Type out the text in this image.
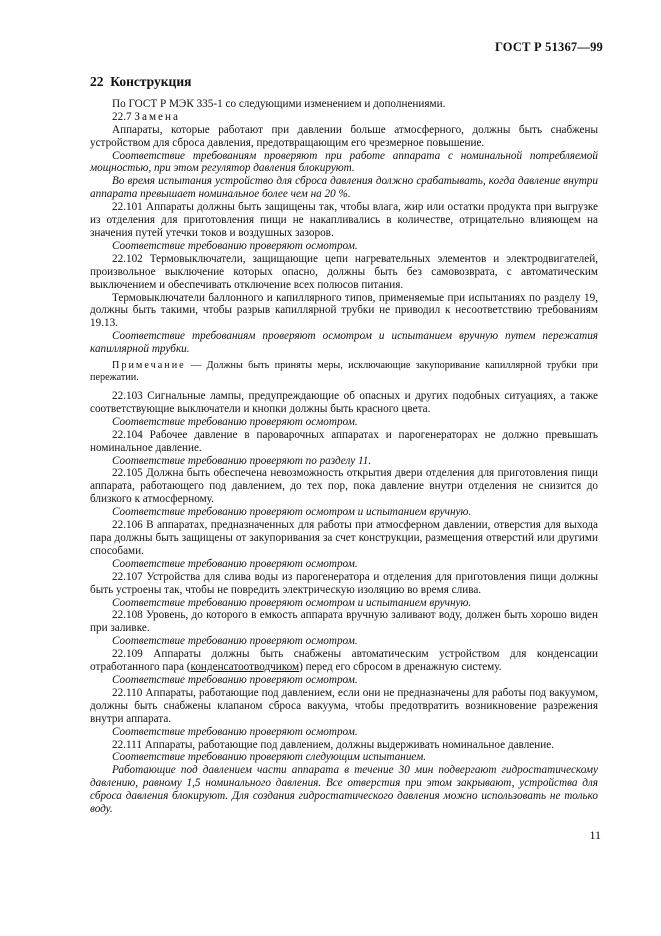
ГОСТ Р 51367—99
22 Конструкция

По ГОСТ Р МЭК 335-1 со следующими изменением и дополнениями.

22.7 Замена

Аппараты, которые работают при давлении больше атмосферного, должны быть снабжены устройством для сброса давления, предотвращающим его чрезмерное повышение.

Соответствие требованиям проверяют при работе аппарата с номинальной потребляемой мощностью, при этом регулятор давления блокируют.

Во время испытания устройство для сброса давления должно срабатывать, когда давление внутри аппарата превышает номинальное более чем на 20 %.

22.101 Аппараты должны быть защищены так, чтобы влага, жир или остатки продукта при выгрузке из отделения для приготовления пищи не накапливались в количестве, отрицательно влияющем на значения путей утечки токов и воздушных зазоров.

Соответствие требованию проверяют осмотром.

22.102 Термовыключатели, защищающие цепи нагревательных элементов и электродвигателей, произвольное выключение которых опасно, должны быть без самовозврата, с автоматическим выключением и обеспечивать отключение всех полюсов питания.

Термовыключатели баллонного и капиллярного типов, применяемые при испытаниях по разделу 19, должны быть такими, чтобы разрыв капиллярной трубки не приводил к несоответствию требованиям 19.13.

Соответствие требованиям проверяют осмотром и испытанием вручную путем пережатия капиллярной трубки.

Примечание — Должны быть приняты меры, исключающие закупоривание капиллярной трубки при пережатии.

22.103 Сигнальные лампы, предупреждающие об опасных и других подобных ситуациях, а также соответствующие выключатели и кнопки должны быть красного цвета.

Соответствие требованию проверяют осмотром.

22.104 Рабочее давление в пароварочных аппаратах и парогенераторах не должно превышать номинальное давление.

Соответствие требованию проверяют по разделу 11.

22.105 Должна быть обеспечена невозможность открытия двери отделения для приготовления пищи аппарата, работающего под давлением, до тех пор, пока давление внутри отделения не снизится до близкого к атмосферному.

Соответствие требованию проверяют осмотром и испытанием вручную.

22.106 В аппаратах, предназначенных для работы при атмосферном давлении, отверстия для выхода пара должны быть защищены от закупоривания за счет конструкции, размещения отверстий или другими способами.

Соответствие требованию проверяют осмотром.

22.107 Устройства для слива воды из парогенератора и отделения для приготовления пищи должны быть устроены так, чтобы не повредить электрическую изоляцию во время слива.

Соответствие требованию проверяют осмотром и испытанием вручную.

22.108 Уровень, до которого в емкость аппарата вручную заливают воду, должен быть хорошо виден при заливке.

Соответствие требованию проверяют осмотром.

22.109 Аппараты должны быть снабжены автоматическим устройством для конденсации отработанного пара (конденсатоотводчиком) перед его сбросом в дренажную систему.

Соответствие требованию проверяют осмотром.

22.110 Аппараты, работающие под давлением, если они не предназначены для работы под вакуумом, должны быть снабжены клапаном сброса вакуума, чтобы предотвратить возникновение разрежения внутри аппарата.

Соответствие требованию проверяют осмотром.

22.111 Аппараты, работающие под давлением, должны выдерживать номинальное давление.

Соответствие требованию проверяют следующим испытанием.

Работающие под давлением части аппарата в течение 30 мин подвергают гидростатическому давлению, равному 1,5 номинального давления. Все отверстия при этом закрывают, устройства для сброса давления блокируют. Для создания гидростатического давления можно использовать не только воду.

11
